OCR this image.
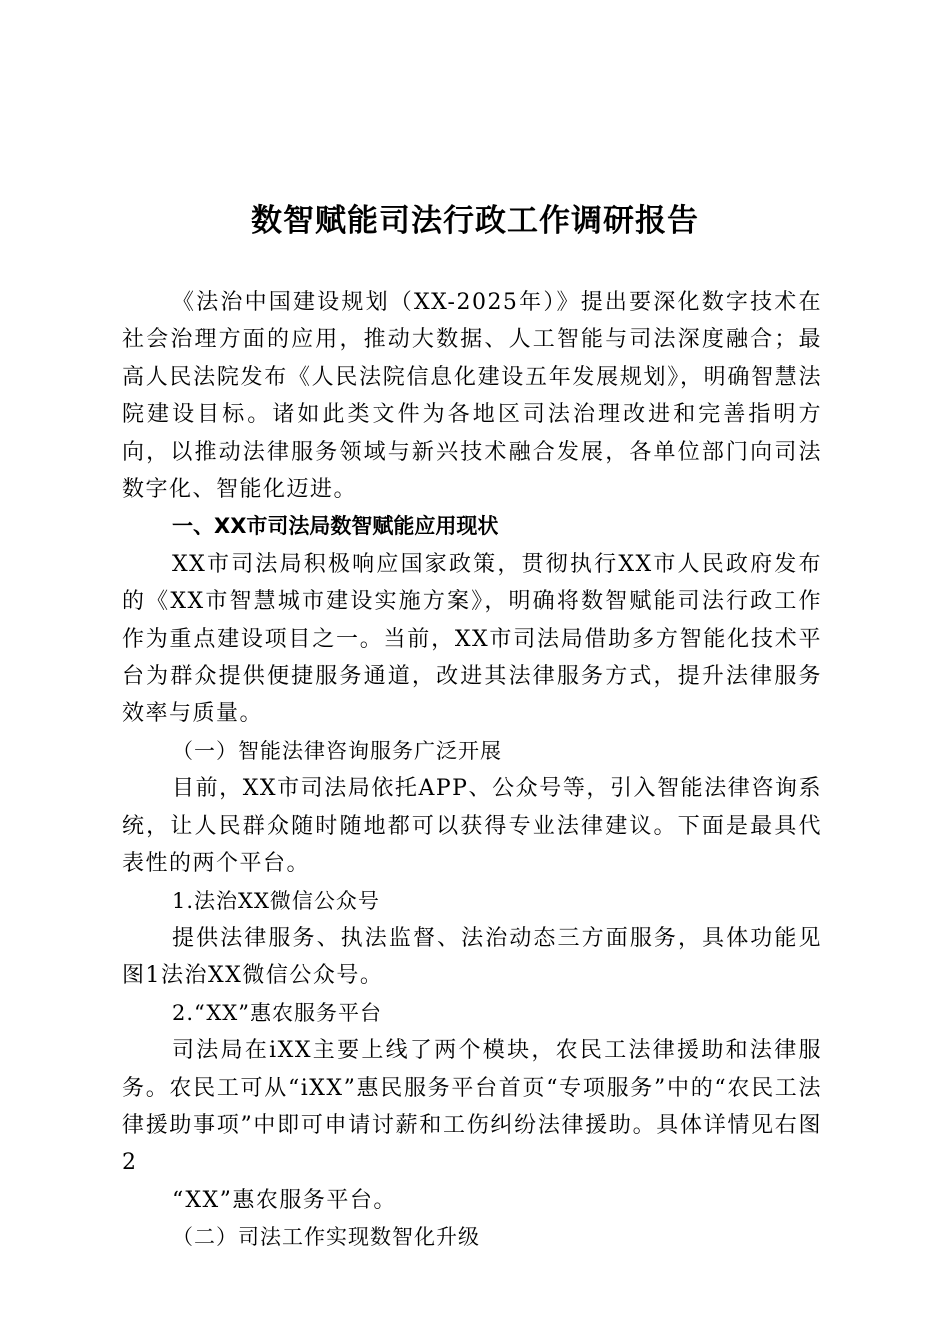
数智赋能司法行政工作调研报告

《法治中国建设规划（XX-2025年）》提出要深化数字技术在社会治理方面的应用，推动大数据、人工智能与司法深度融合；最高人民法院发布《人民法院信息化建设五年发展规划》，明确智慧法院建设目标。诸如此类文件为各地区司法治理改进和完善指明方向，以推动法律服务领域与新兴技术融合发展，各单位部门向司法数字化、智能化迈进。

一、XX市司法局数智赋能应用现状

XX市司法局积极响应国家政策，贯彻执行XX市人民政府发布的《XX市智慧城市建设实施方案》，明确将数智赋能司法行政工作作为重点建设项目之一。当前，XX市司法局借助多方智能化技术平台为群众提供便捷服务通道，改进其法律服务方式，提升法律服务效率与质量。

（一）智能法律咨询服务广泛开展

目前，XX市司法局依托APP、公众号等，引入智能法律咨询系统，让人民群众随时随地都可以获得专业法律建议。下面是最具代表性的两个平台。

1.法治XX微信公众号

提供法律服务、执法监督、法治动态三方面服务，具体功能见图1法治XX微信公众号。

2.“XX”惠农服务平台

司法局在iXX主要上线了两个模块，农民工法律援助和法律服务。农民工可从“iXX”惠民服务平台首页“专项服务”中的“农民工法律援助事项”中即可申请讨薪和工伤纠纷法律援助。具体详情见右图2

“XX”惠农服务平台。

（二）司法工作实现数智化升级
